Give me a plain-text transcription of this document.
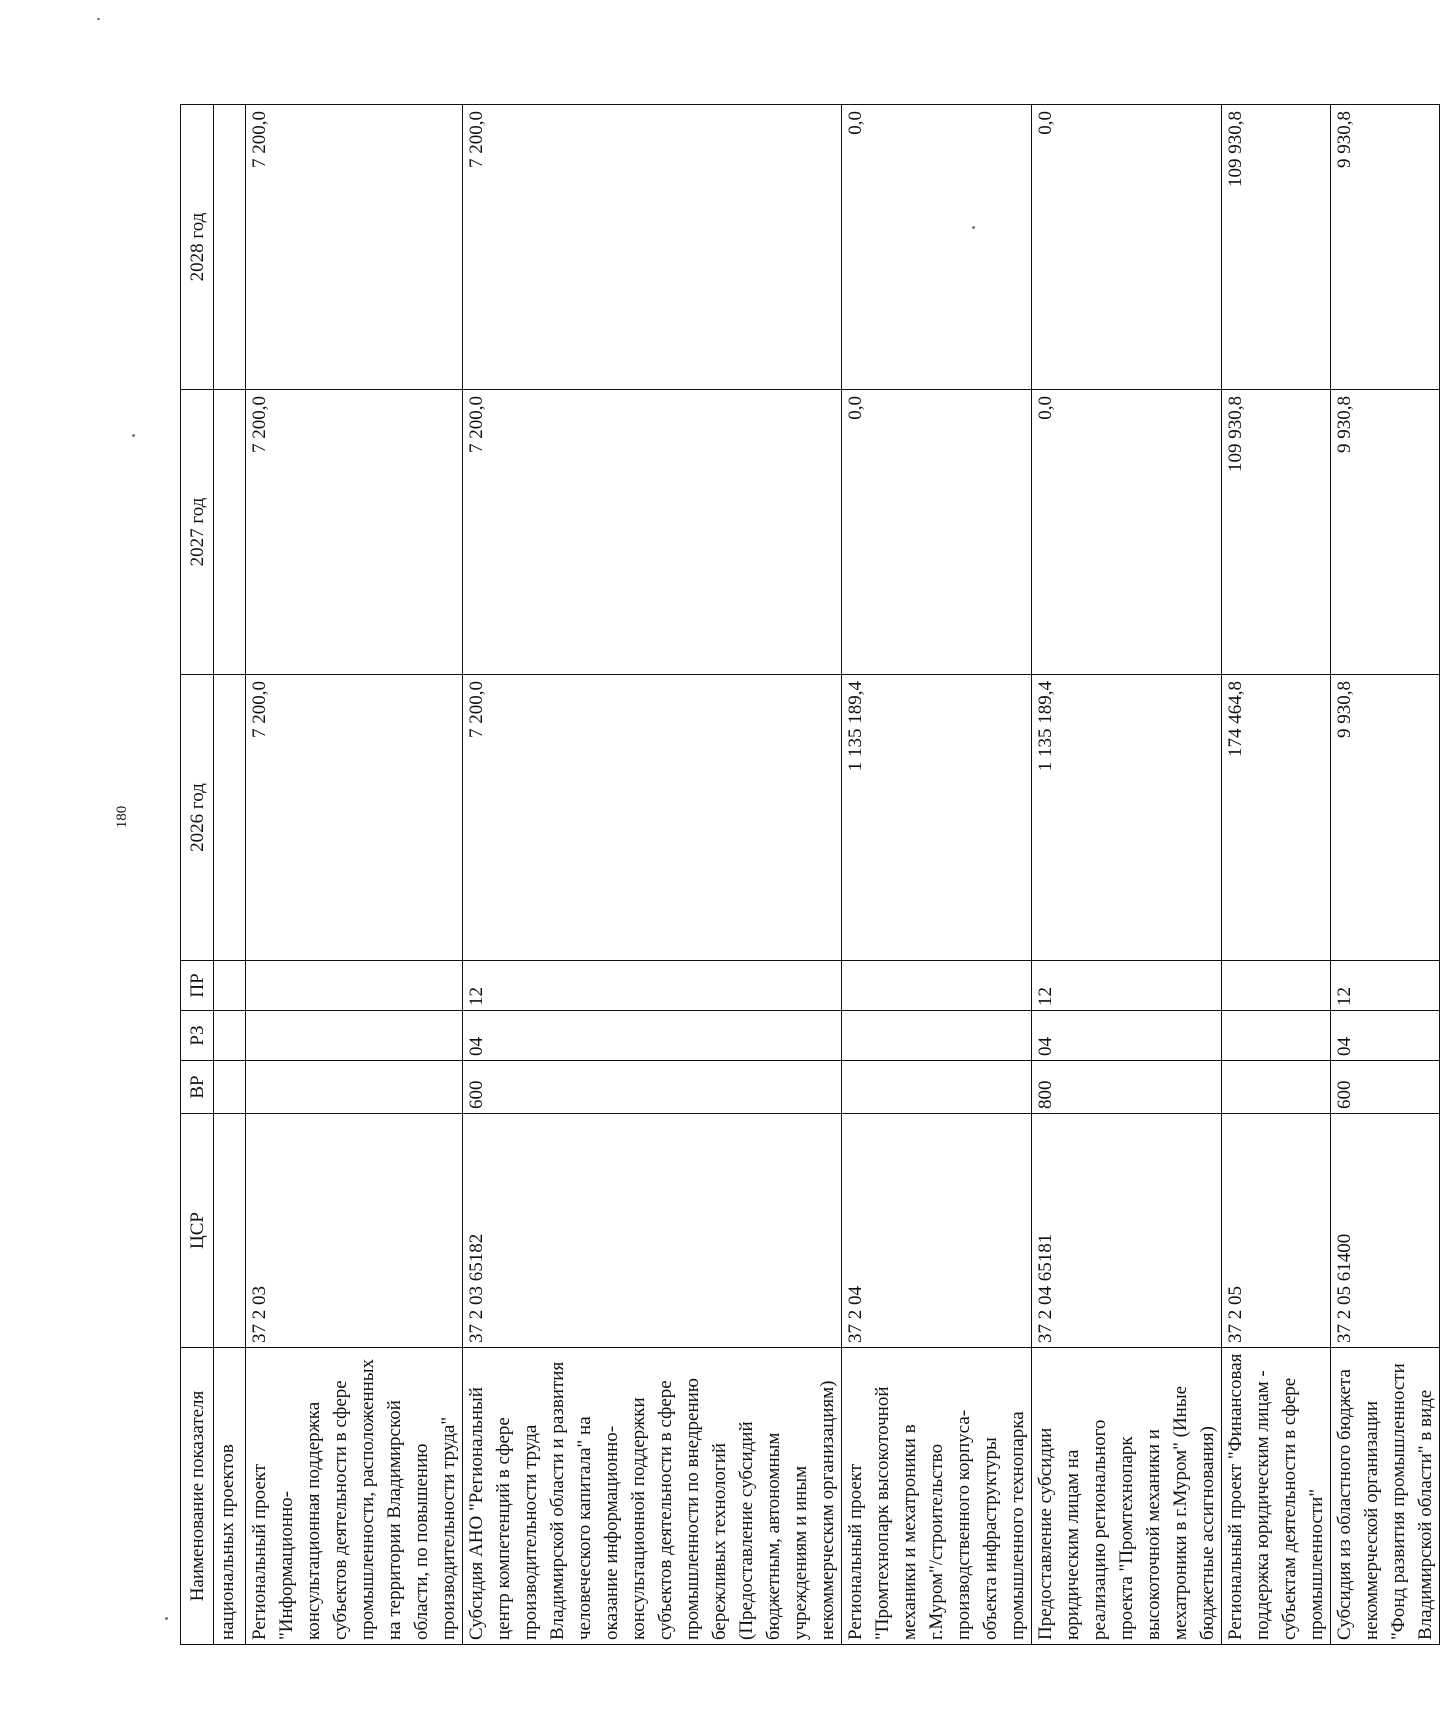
180
Наименование показателя	ЦСР	ВР	РЗ	ПР	2026 год	2027 год	2028 год
национальных проектов							
Региональный проект "Информационно-консультационная поддержка субъектов деятельности в сфере промышленности, расположенных на территории Владимирской области, по повышению производительности труда"	37 2 03				7 200,0	7 200,0	7 200,0
Субсидия АНО "Региональный центр компетенций в сфере производительности труда Владимирской области и развития человеческого капитала" на оказание информационно-консультационной поддержки субъектов деятельности в сфере промышленности по внедрению бережливых технологий (Предоставление субсидий бюджетным, автономным учреждениям и иным некоммерческим организациям)	37 2 03 65182	600	04	12	7 200,0	7 200,0	7 200,0
Региональный проект "Промтехнопарк высокоточной механики и мехатроники в г.Муром"/строительство производственного корпуса-объекта инфраструктуры промышленного технопарка	37 2 04				1 135 189,4	0,0	0,0
Предоставление субсидии юридическим лицам на реализацию регионального проекта "Промтехнопарк высокоточной механики и мехатроники в г.Муром" (Иные бюджетные ассигнования)	37 2 04 65181	800	04	12	1 135 189,4	0,0	0,0
Региональный проект "Финансовая поддержка юридическим лицам - субъектам деятельности в сфере промышленности"	37 2 05				174 464,8	109 930,8	109 930,8
Субсидия из областного бюджета некоммерческой организации "Фонд развития промышленности Владимирской области" в виде	37 2 05 61400	600	04	12	9 930,8	9 930,8	9 930,8
